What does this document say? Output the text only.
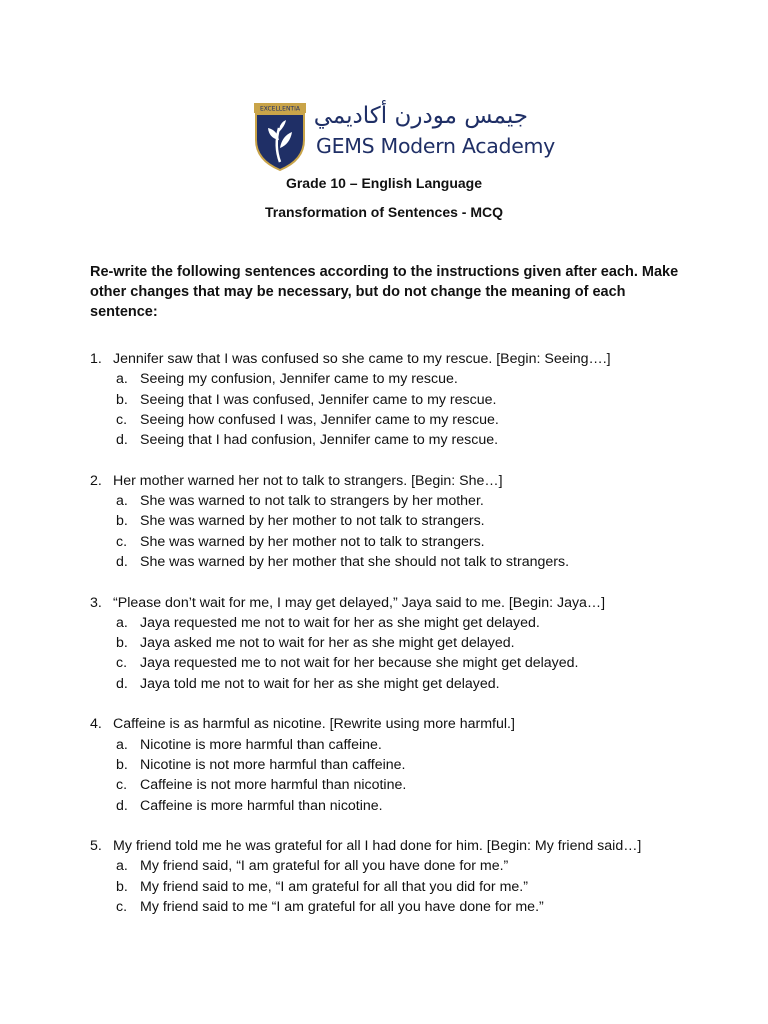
EXCELLENTIA جيمس مودرن أكاديمي
GEMS Modern Academy
Grade 10 – English Language
Transformation of Sentences - MCQ
Re-write the following sentences according to the instructions given after each. Make other changes that may be necessary, but do not change the meaning of each sentence:
1. Jennifer saw that I was confused so she came to my rescue. [Begin: Seeing….]
a. Seeing my confusion, Jennifer came to my rescue.
b. Seeing that I was confused, Jennifer came to my rescue.
c. Seeing how confused I was, Jennifer came to my rescue.
d. Seeing that I had confusion, Jennifer came to my rescue.
2. Her mother warned her not to talk to strangers. [Begin: She…]
a. She was warned to not talk to strangers by her mother.
b. She was warned by her mother to not talk to strangers.
c. She was warned by her mother not to talk to strangers.
d. She was warned by her mother that she should not talk to strangers.
3. “Please don’t wait for me, I may get delayed,” Jaya said to me. [Begin: Jaya…]
a. Jaya requested me not to wait for her as she might get delayed.
b. Jaya asked me not to wait for her as she might get delayed.
c. Jaya requested me to not wait for her because she might get delayed.
d. Jaya told me not to wait for her as she might get delayed.
4. Caffeine is as harmful as nicotine. [Rewrite using more harmful.]
a. Nicotine is more harmful than caffeine.
b. Nicotine is not more harmful than caffeine.
c. Caffeine is not more harmful than nicotine.
d. Caffeine is more harmful than nicotine.
5. My friend told me he was grateful for all I had done for him. [Begin: My friend said…]
a. My friend said, “I am grateful for all you have done for me.”
b. My friend said to me, “I am grateful for all that you did for me.”
c. My friend said to me “I am grateful for all you have done for me.”
